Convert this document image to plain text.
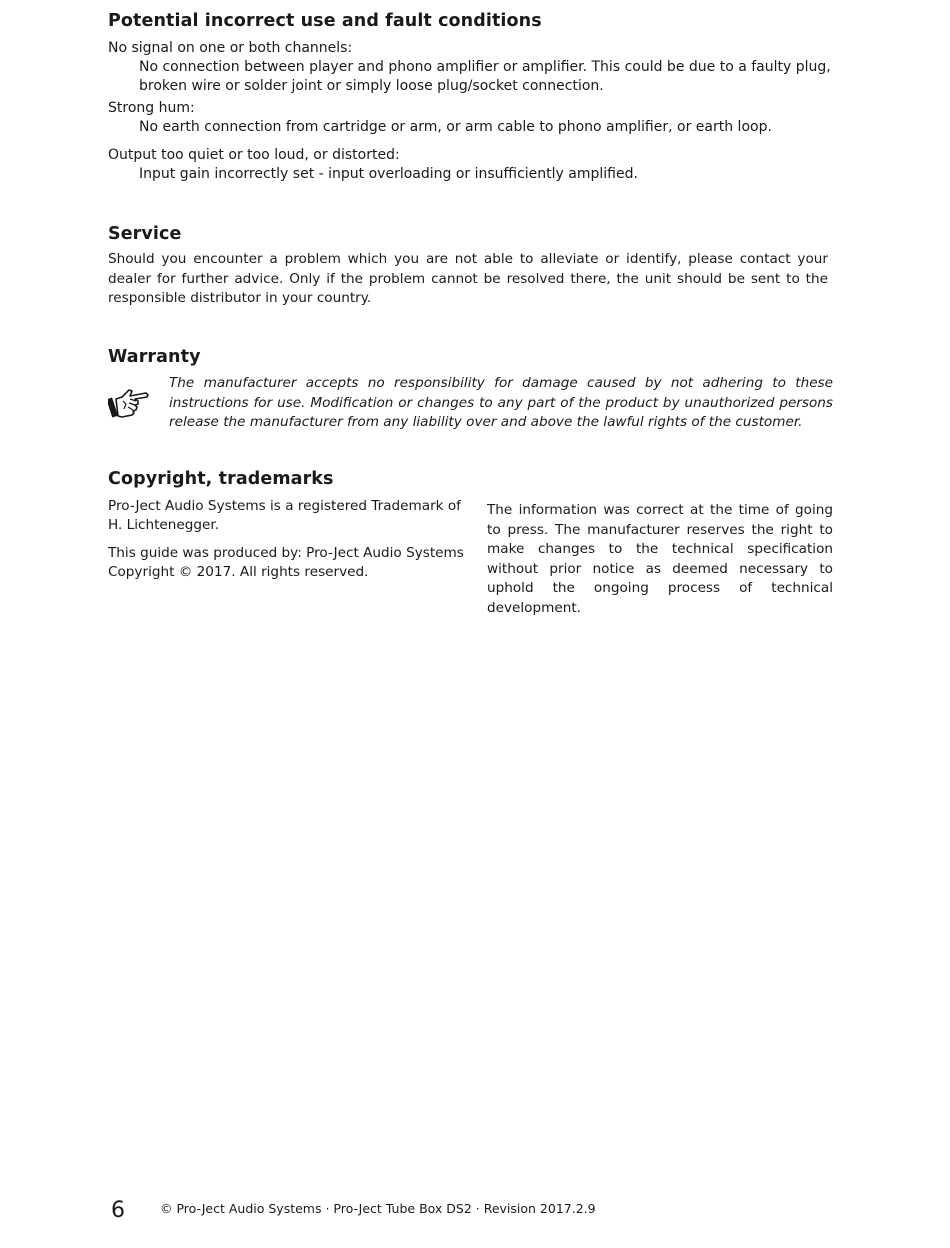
Potential incorrect use and fault conditions

No signal on one or both channels:

No connection between player and phono amplifier or amplifier. This could be due to a faulty plug,

broken wire or solder joint or simply loose plug/socket connection.

Strong hum:

No earth connection from cartridge or arm, or arm cable to phono amplifier, or earth loop.

Output too quiet or too loud, or distorted:

Input gain incorrectly set - input overloading or insufficiently amplified.

Service

Should you encounter a problem which you are not able to alleviate or identify, please contact your dealer for further advice. Only if the problem cannot be resolved there, the unit should be sent to the responsible distributor in your country.

Warranty

The manufacturer accepts no responsibility for damage caused by not adhering to these instructions for use. Modification or changes to any part of the product by unauthorized persons release the manufacturer from any liability over and above the lawful rights of the customer.

Copyright, trademarks

Pro-Ject Audio Systems is a registered Trademark of

H. Lichtenegger.

This guide was produced by: Pro-Ject Audio Systems

Copyright © 2017. All rights reserved.

The information was correct at the time of going to press. The manufacturer reserves the right to make changes to the technical specification without prior notice as deemed necessary to uphold the ongoing process of technical development.

6	© Pro-Ject Audio Systems · Pro-Ject Tube Box DS2 · Revision 2017.2.9
